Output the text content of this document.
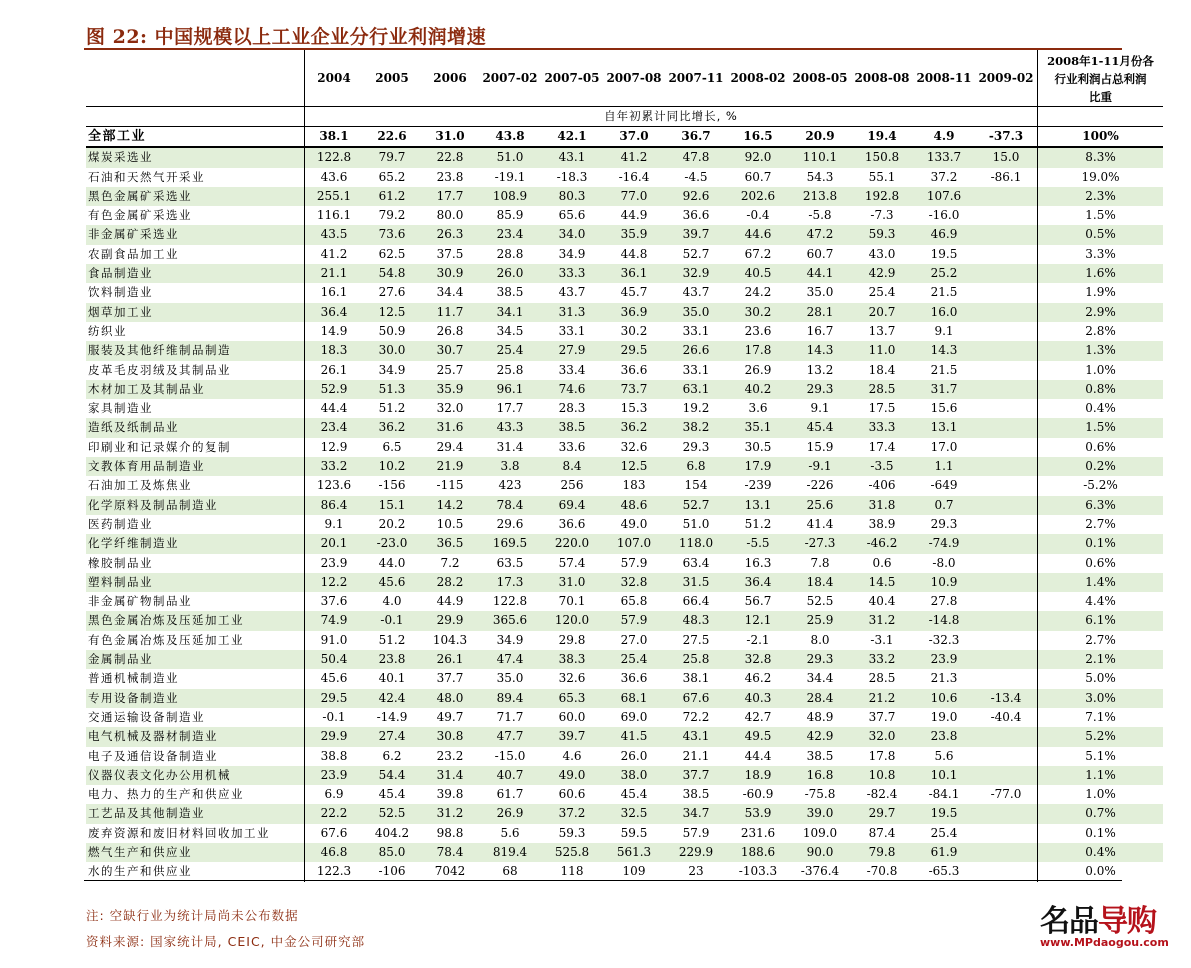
图 22: 中国规模以上工业企业分行业利润增速
	2004	2005	2006	2007-02	2007-05	2007-08	2007-11	2008-02	2008-05	2008-08	2008-11	2009-02	2008年1-11月份各
行业利润占总利润
比重

	自年初累计同比增长, %												
全部工业	38.1	22.6	31.0	43.8	42.1	37.0	36.7	16.5	20.9	19.4	4.9	-37.3	100%
煤炭采选业	122.8	79.7	22.8	51.0	43.1	41.2	47.8	92.0	110.1	150.8	133.7	15.0	8.3%
石油和天然气开采业	43.6	65.2	23.8	-19.1	-18.3	-16.4	-4.5	60.7	54.3	55.1	37.2	-86.1	19.0%
黑色金属矿采选业	255.1	61.2	17.7	108.9	80.3	77.0	92.6	202.6	213.8	192.8	107.6		2.3%
有色金属矿采选业	116.1	79.2	80.0	85.9	65.6	44.9	36.6	-0.4	-5.8	-7.3	-16.0		1.5%
非金属矿采选业	43.5	73.6	26.3	23.4	34.0	35.9	39.7	44.6	47.2	59.3	46.9		0.5%
农副食品加工业	41.2	62.5	37.5	28.8	34.9	44.8	52.7	67.2	60.7	43.0	19.5		3.3%
食品制造业	21.1	54.8	30.9	26.0	33.3	36.1	32.9	40.5	44.1	42.9	25.2		1.6%
饮料制造业	16.1	27.6	34.4	38.5	43.7	45.7	43.7	24.2	35.0	25.4	21.5		1.9%
烟草加工业	36.4	12.5	11.7	34.1	31.3	36.9	35.0	30.2	28.1	20.7	16.0		2.9%
纺织业	14.9	50.9	26.8	34.5	33.1	30.2	33.1	23.6	16.7	13.7	9.1		2.8%
服装及其他纤维制品制造	18.3	30.0	30.7	25.4	27.9	29.5	26.6	17.8	14.3	11.0	14.3		1.3%
皮革毛皮羽绒及其制品业	26.1	34.9	25.7	25.8	33.4	36.6	33.1	26.9	13.2	18.4	21.5		1.0%
木材加工及其制品业	52.9	51.3	35.9	96.1	74.6	73.7	63.1	40.2	29.3	28.5	31.7		0.8%
家具制造业	44.4	51.2	32.0	17.7	28.3	15.3	19.2	3.6	9.1	17.5	15.6		0.4%
造纸及纸制品业	23.4	36.2	31.6	43.3	38.5	36.2	38.2	35.1	45.4	33.3	13.1		1.5%
印刷业和记录媒介的复制	12.9	6.5	29.4	31.4	33.6	32.6	29.3	30.5	15.9	17.4	17.0		0.6%
文教体育用品制造业	33.2	10.2	21.9	3.8	8.4	12.5	6.8	17.9	-9.1	-3.5	1.1		0.2%
石油加工及炼焦业	123.6	-156	-115	423	256	183	154	-239	-226	-406	-649		-5.2%
化学原料及制品制造业	86.4	15.1	14.2	78.4	69.4	48.6	52.7	13.1	25.6	31.8	0.7		6.3%
医药制造业	9.1	20.2	10.5	29.6	36.6	49.0	51.0	51.2	41.4	38.9	29.3		2.7%
化学纤维制造业	20.1	-23.0	36.5	169.5	220.0	107.0	118.0	-5.5	-27.3	-46.2	-74.9		0.1%
橡胶制品业	23.9	44.0	7.2	63.5	57.4	57.9	63.4	16.3	7.8	0.6	-8.0		0.6%
塑料制品业	12.2	45.6	28.2	17.3	31.0	32.8	31.5	36.4	18.4	14.5	10.9		1.4%
非金属矿物制品业	37.6	4.0	44.9	122.8	70.1	65.8	66.4	56.7	52.5	40.4	27.8		4.4%
黑色金属冶炼及压延加工业	74.9	-0.1	29.9	365.6	120.0	57.9	48.3	12.1	25.9	31.2	-14.8		6.1%
有色金属冶炼及压延加工业	91.0	51.2	104.3	34.9	29.8	27.0	27.5	-2.1	8.0	-3.1	-32.3		2.7%
金属制品业	50.4	23.8	26.1	47.4	38.3	25.4	25.8	32.8	29.3	33.2	23.9		2.1%
普通机械制造业	45.6	40.1	37.7	35.0	32.6	36.6	38.1	46.2	34.4	28.5	21.3		5.0%
专用设备制造业	29.5	42.4	48.0	89.4	65.3	68.1	67.6	40.3	28.4	21.2	10.6	-13.4	3.0%
交通运输设备制造业	-0.1	-14.9	49.7	71.7	60.0	69.0	72.2	42.7	48.9	37.7	19.0	-40.4	7.1%
电气机械及器材制造业	29.9	27.4	30.8	47.7	39.7	41.5	43.1	49.5	42.9	32.0	23.8		5.2%
电子及通信设备制造业	38.8	6.2	23.2	-15.0	4.6	26.0	21.1	44.4	38.5	17.8	5.6		5.1%
仪器仪表文化办公用机械	23.9	54.4	31.4	40.7	49.0	38.0	37.7	18.9	16.8	10.8	10.1		1.1%
电力、热力的生产和供应业	6.9	45.4	39.8	61.7	60.6	45.4	38.5	-60.9	-75.8	-82.4	-84.1	-77.0	1.0%
工艺品及其他制造业	22.2	52.5	31.2	26.9	37.2	32.5	34.7	53.9	39.0	29.7	19.5		0.7%
废弃资源和废旧材料回收加工业	67.6	404.2	98.8	5.6	59.3	59.5	57.9	231.6	109.0	87.4	25.4		0.1%
燃气生产和供应业	46.8	85.0	78.4	819.4	525.8	561.3	229.9	188.6	90.0	79.8	61.9		0.4%
水的生产和供应业	122.3	-106	7042	68	118	109	23	-103.3	-376.4	-70.8	-65.3		0.0%
注: 空缺行业为统计局尚未公布数据
资料来源: 国家统计局, CEIC, 中金公司研究部
名品导购
www.MPdaogou.com
